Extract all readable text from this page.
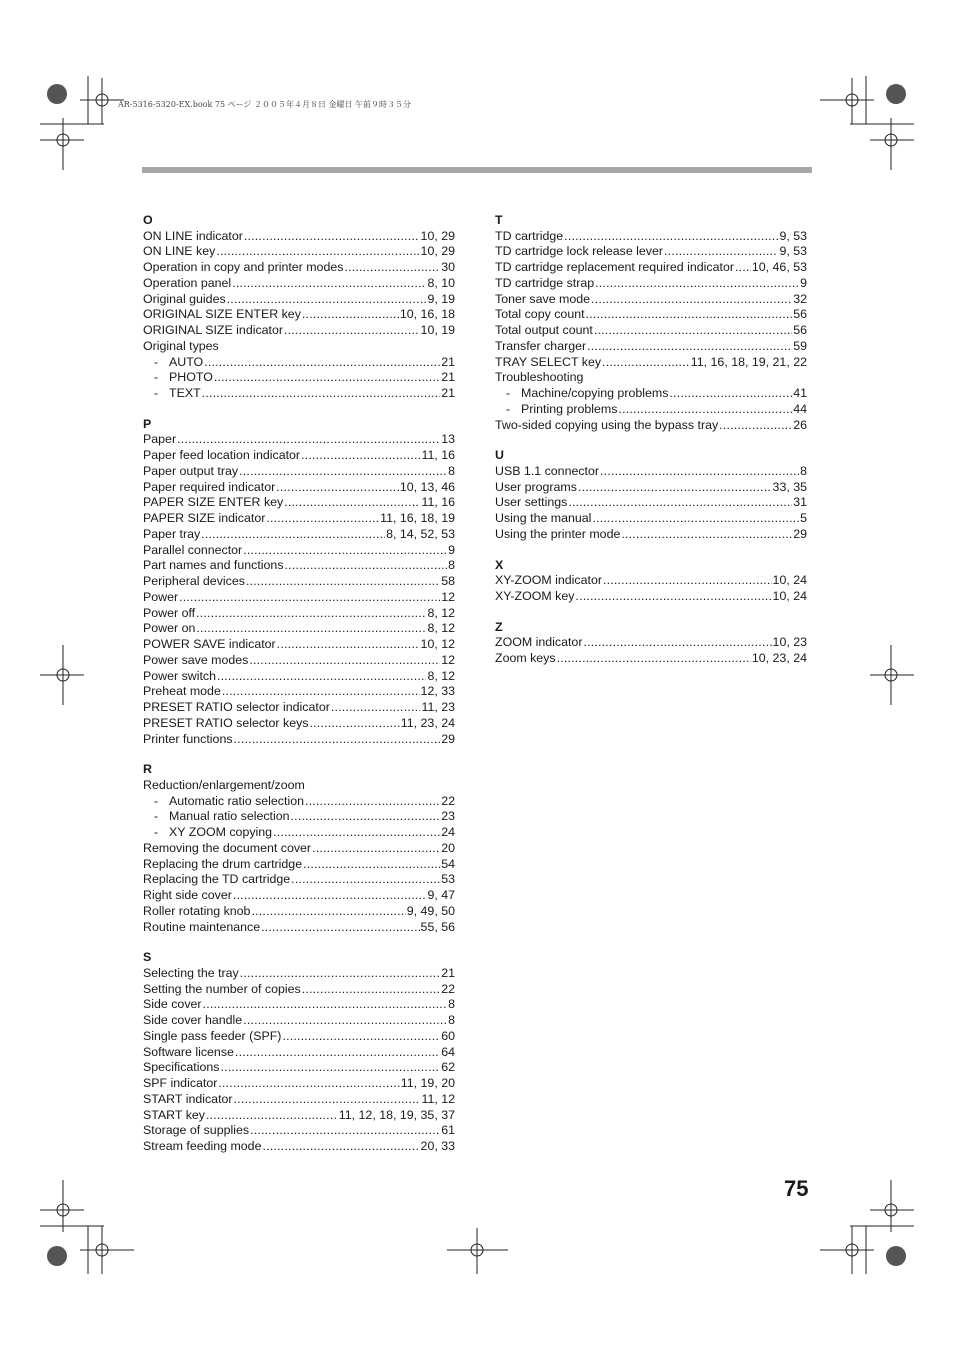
AR-5316-5320-EX.book 75 ページ ２００５年４月８日 金曜日 午前９時３５分
O
ON LINE indicator .....	10, 29
ON LINE key .....	10, 29
Operation in copy and printer modes .....	30
Operation panel .....	8, 10
Original guides .....	9, 19
ORIGINAL SIZE ENTER key .....	10, 16, 18
ORIGINAL SIZE indicator .....	10, 19
Original types
- AUTO .....	21
- PHOTO .....	21
- TEXT .....	21
P
Paper .....	13
Paper feed location indicator .....	11, 16
Paper output tray .....	8
Paper required indicator .....	10, 13, 46
PAPER SIZE ENTER key .....	11, 16
PAPER SIZE indicator .....	11, 16, 18, 19
Paper tray .....	8, 14, 52, 53
Parallel connector .....	9
Part names and functions .....	8
Peripheral devices .....	58
Power .....	12
Power off .....	8, 12
Power on .....	8, 12
POWER SAVE indicator .....	10, 12
Power save modes .....	12
Power switch .....	8, 12
Preheat mode .....	12, 33
PRESET RATIO selector indicator .....	11, 23
PRESET RATIO selector keys .....	11, 23, 24
Printer functions .....	29
R
Reduction/enlargement/zoom
- Automatic ratio selection .....	22
- Manual ratio selection .....	23
- XY ZOOM copying .....	24
Removing the document cover .....	20
Replacing the drum cartridge .....	54
Replacing the TD cartridge .....	53
Right side cover .....	9, 47
Roller rotating knob .....	9, 49, 50
Routine maintenance .....	55, 56
S
Selecting the tray .....	21
Setting the number of copies .....	22
Side cover .....	8
Side cover handle .....	8
Single pass feeder (SPF) .....	60
Software license .....	64
Specifications .....	62
SPF indicator .....	11, 19, 20
START indicator .....	11, 12
START key .....	11, 12, 18, 19, 35, 37
Storage of supplies .....	61
Stream feeding mode .....	20, 33
T
TD cartridge .....	9, 53
TD cartridge lock release lever .....	9, 53
TD cartridge replacement required indicator ..... 10, 46, 53
TD cartridge strap .....	9
Toner save mode .....	32
Total copy count .....	56
Total output count .....	56
Transfer charger .....	59
TRAY SELECT key .....	11, 16, 18, 19, 21, 22
Troubleshooting
- Machine/copying problems .....	41
- Printing problems .....	44
Two-sided copying using the bypass tray .....	26
U
USB 1.1 connector .....	8
User programs .....	33, 35
User settings .....	31
Using the manual .....	5
Using the printer mode .....	29
X
XY-ZOOM indicator .....	10, 24
XY-ZOOM key .....	10, 24
Z
ZOOM indicator .....	10, 23
Zoom keys .....	10, 23, 24
75
